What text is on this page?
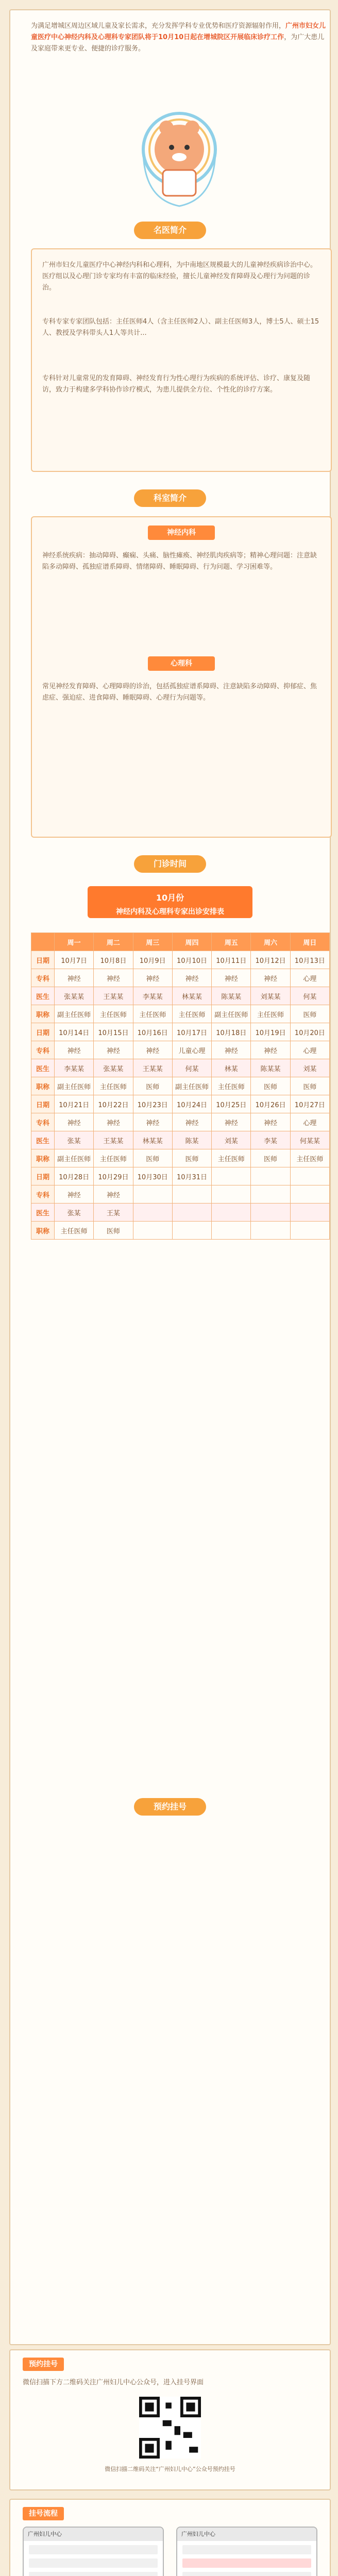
为满足增城区周边区域儿童及家长需求，充分发挥学科专业优势和医疗资源辐射作用，广州市妇女儿童医疗中心神经内科及心理科专家团队将于10月10日起在增城院区开展临床诊疗工作，为广大患儿及家庭带来更专业、便捷的诊疗服务。
名医简介
广州市妇女儿童医疗中心神经内科和心理科，为中南地区规模最大的儿童神经疾病诊治中心。医疗组以及心理门诊专家均有丰富的临床经验，擅长儿童神经发育障碍及心理行为问题的诊治。
专科专家专家团队包括：主任医师4人（含主任医师2人）、副主任医师3人，博士5人、硕士15人、教授及学科带头人1人等共计...
专科针对儿童常见的发育障碍、神经发育行为性心理行为疾病的系统评估、诊疗、康复及随访，致力于构建多学科协作诊疗模式，为患儿提供全方位、个性化的诊疗方案。
科室简介
神经内科
神经系统疾病：抽动障碍、癫痫、头痛、脑性瘫痪、神经肌肉疾病等；精神心理问题：注意缺陷多动障碍、孤独症谱系障碍、情绪障碍、睡眠障碍、行为问题、学习困难等。
心理科
常见神经发育障碍、心理障碍的诊治，包括孤独症谱系障碍、注意缺陷多动障碍、抑郁症、焦虑症、强迫症、进食障碍、睡眠障碍、心理行为问题等。
门诊时间
10月份
神经内科及心理科专家出诊安排表
	周一	周二	周三	周四	周五	周六	周日
日期	10月7日	10月8日	10月9日	10月10日	10月11日	10月12日	10月13日
专科	神经	神经	神经	神经	神经	神经	心理
医生	张某某	王某某	李某某	林某某	陈某某	刘某某	何某
职称	副主任医师	主任医师	主任医师	主任医师	副主任医师	主任医师	医师
日期	10月14日	10月15日	10月16日	10月17日	10月18日	10月19日	10月20日
专科	神经	神经	神经	儿童心理	神经	神经	心理
医生	李某某	张某某	王某某	何某	林某	陈某某	刘某
职称	副主任医师	主任医师	医师	副主任医师	主任医师	医师	医师
日期	10月21日	10月22日	10月23日	10月24日	10月25日	10月26日	10月27日
专科	神经	神经	神经	神经	神经	神经	心理
医生	张某	王某某	林某某	陈某	刘某	李某	何某某
职称	副主任医师	主任医师	医师	医师	主任医师	医师	主任医师
日期	10月28日	10月29日	10月30日	10月31日			
专科	神经	神经					
医生	张某	王某					
职称	主任医师	医师					
预约挂号
预约挂号
微信扫描下方二维码关注广州妇儿中心公众号，进入挂号界面
微信扫描二维码关注“广州妇儿中心”公众号预约挂号
挂号流程
广州妇儿中心	广州妇儿中心
